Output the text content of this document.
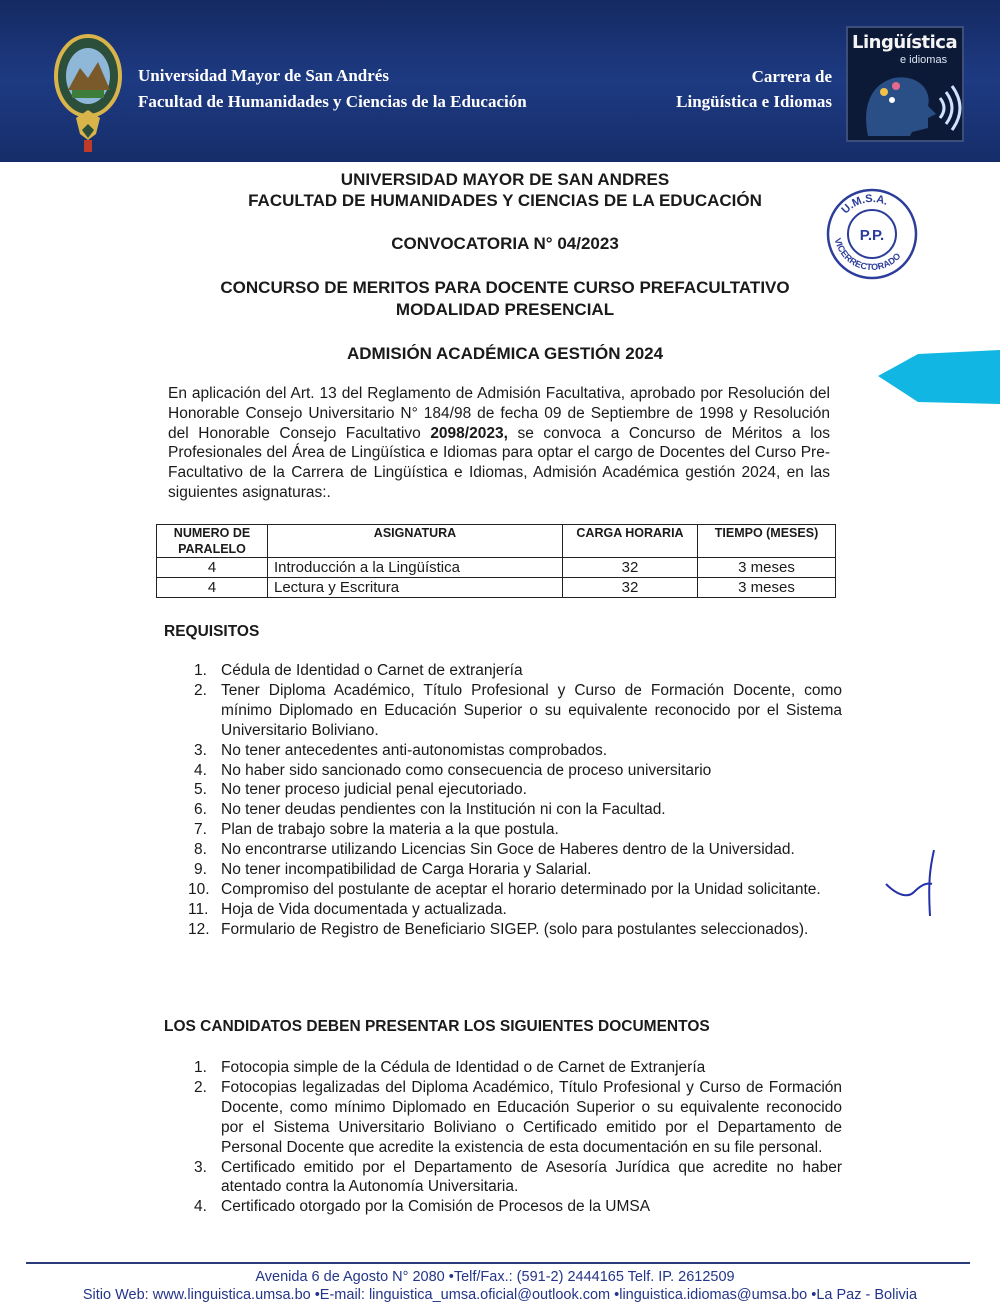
Universidad Mayor de San Andrés
Facultad de Humanidades y Ciencias de la Educación
Carrera de
Lingüística e Idiomas
Lingüística
e idiomas
UNIVERSIDAD MAYOR DE SAN ANDRES
FACULTAD DE HUMANIDADES Y CIENCIAS DE LA EDUCACIÓN
CONVOCATORIA N° 04/2023
CONCURSO DE MERITOS PARA DOCENTE CURSO PREFACULTATIVO
MODALIDAD PRESENCIAL
ADMISIÓN ACADÉMICA GESTIÓN 2024
U.M.S.A.
P.P.
VICERRECTORADO
En aplicación del Art. 13 del Reglamento de Admisión Facultativa, aprobado por Resolución del Honorable Consejo Universitario N° 184/98 de fecha 09 de Septiembre de 1998 y Resolución del Honorable Consejo Facultativo 2098/2023, se convoca a Concurso de Méritos a los Profesionales del Área de Lingüística e Idiomas para optar el cargo de Docentes del Curso Pre-Facultativo de la Carrera de Lingüística e Idiomas, Admisión Académica gestión 2024, en las siguientes asignaturas:.
NUMERO DE PARALELO	ASIGNATURA	CARGA HORARIA	TIEMPO (MESES)
4	Introducción a la Lingüística	32	3 meses
4	Lectura y Escritura	32	3 meses
REQUISITOS
1. Cédula de Identidad o Carnet de extranjería
2. Tener Diploma Académico, Título Profesional y Curso de Formación Docente, como mínimo Diplomado en Educación Superior o su equivalente reconocido por el Sistema Universitario Boliviano.
3. No tener antecedentes anti-autonomistas comprobados.
4. No haber sido sancionado como consecuencia de proceso universitario
5. No tener proceso judicial penal ejecutoriado.
6. No tener deudas pendientes con la Institución ni con la Facultad.
7. Plan de trabajo sobre la materia a la que postula.
8. No encontrarse utilizando Licencias Sin Goce de Haberes dentro de la Universidad.
9. No tener incompatibilidad de Carga Horaria y Salarial.
10. Compromiso del postulante de aceptar el horario determinado por la Unidad solicitante.
11. Hoja de Vida documentada y actualizada.
12. Formulario de Registro de Beneficiario SIGEP. (solo para postulantes seleccionados).
LOS CANDIDATOS DEBEN PRESENTAR LOS SIGUIENTES DOCUMENTOS
1. Fotocopia simple de la Cédula de Identidad o de Carnet de Extranjería
2. Fotocopias legalizadas del Diploma Académico, Título Profesional y Curso de Formación Docente, como mínimo Diplomado en Educación Superior o su equivalente reconocido por el Sistema Universitario Boliviano o Certificado emitido por el Departamento de Personal Docente que acredite la existencia de esta documentación en su file personal.
3. Certificado emitido por el Departamento de Asesoría Jurídica que acredite no haber atentado contra la Autonomía Universitaria.
4. Certificado otorgado por la Comisión de Procesos de la UMSA
Avenida 6 de Agosto N° 2080 •Telf/Fax.: (591-2) 2444165 Telf. IP. 2612509
Sitio Web: www.linguistica.umsa.bo •E-mail: linguistica_umsa.oficial@outlook.com •linguistica.idiomas@umsa.bo •La Paz - Bolivia
